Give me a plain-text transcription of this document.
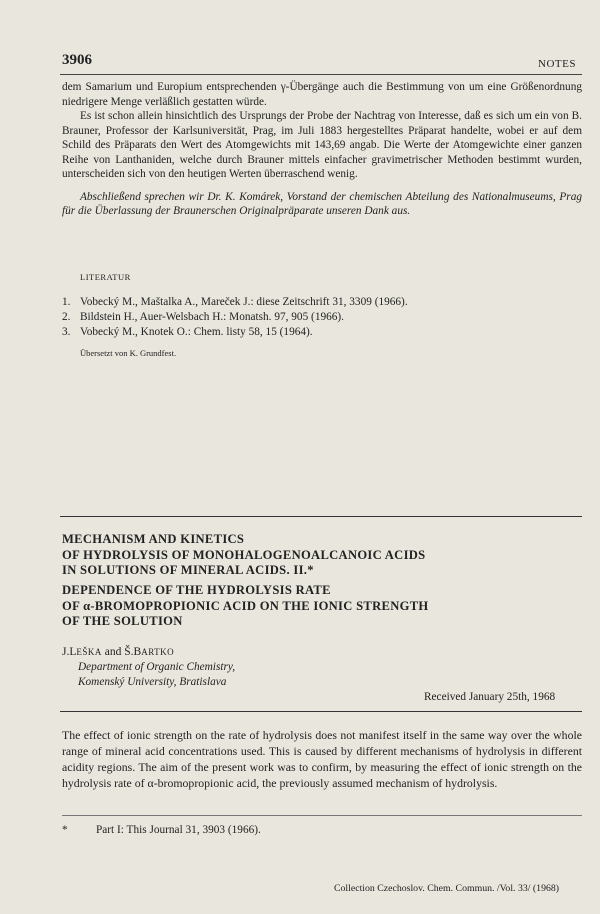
3906	NOTES

dem Samarium und Europium entsprechenden γ-Übergänge auch die Bestimmung von um eine Größenordnung niedrigere Menge verläßlich gestatten würde.

Es ist schon allein hinsichtlich des Ursprungs der Probe der Nachtrag von Interesse, daß es sich um ein von B. Brauner, Professor der Karlsuniversität, Prag, im Juli 1883 hergestelltes Präparat handelte, wobei er auf dem Schild des Präparats den Wert des Atomgewichts mit 143,69 angab. Die Werte der Atomgewichte einer ganzen Reihe von Lanthaniden, welche durch Brauner mittels einfacher gravimetrischer Methoden bestimmt wurden, unterscheiden sich von den heutigen Werten überraschend wenig.

Abschließend sprechen wir Dr. K. Komárek, Vorstand der chemischen Abteilung des Nationalmuseums, Prag für die Überlassung der Braunerschen Originalpräparate unseren Dank aus.

LITERATUR
1. Vobecký M., Maštalka A., Mareček J.: diese Zeitschrift 31, 3309 (1966).
2. Bildstein H., Auer-Welsbach H.: Monatsh. 97, 905 (1966).
3. Vobecký M., Knotek O.: Chem. listy 58, 15 (1964).
Übersetzt von K. Grundfest.
MECHANISM AND KINETICS
OF HYDROLYSIS OF MONOHALOGENOALCANOIC ACIDS
IN SOLUTIONS OF MINERAL ACIDS. II.*
DEPENDENCE OF THE HYDROLYSIS RATE
OF α-BROMOPROPIONIC ACID ON THE IONIC STRENGTH
OF THE SOLUTION
J.LEŠKA and Š.BARTKO
Department of Organic Chemistry,
Komenský University, Bratislava
Received January 25th, 1968

The effect of ionic strength on the rate of hydrolysis does not manifest itself in the same way over the whole range of mineral acid concentrations used. This is caused by different mechanisms of hydrolysis in different acidity regions. The aim of the present work was to confirm, by measuring the effect of ionic strength on the hydrolysis rate of α-bromopropionic acid, the previously assumed mechanism of hydrolysis.

*	Part I: This Journal 31, 3903 (1966).
Collection Czechoslov. Chem. Commun. /Vol. 33/ (1968)
